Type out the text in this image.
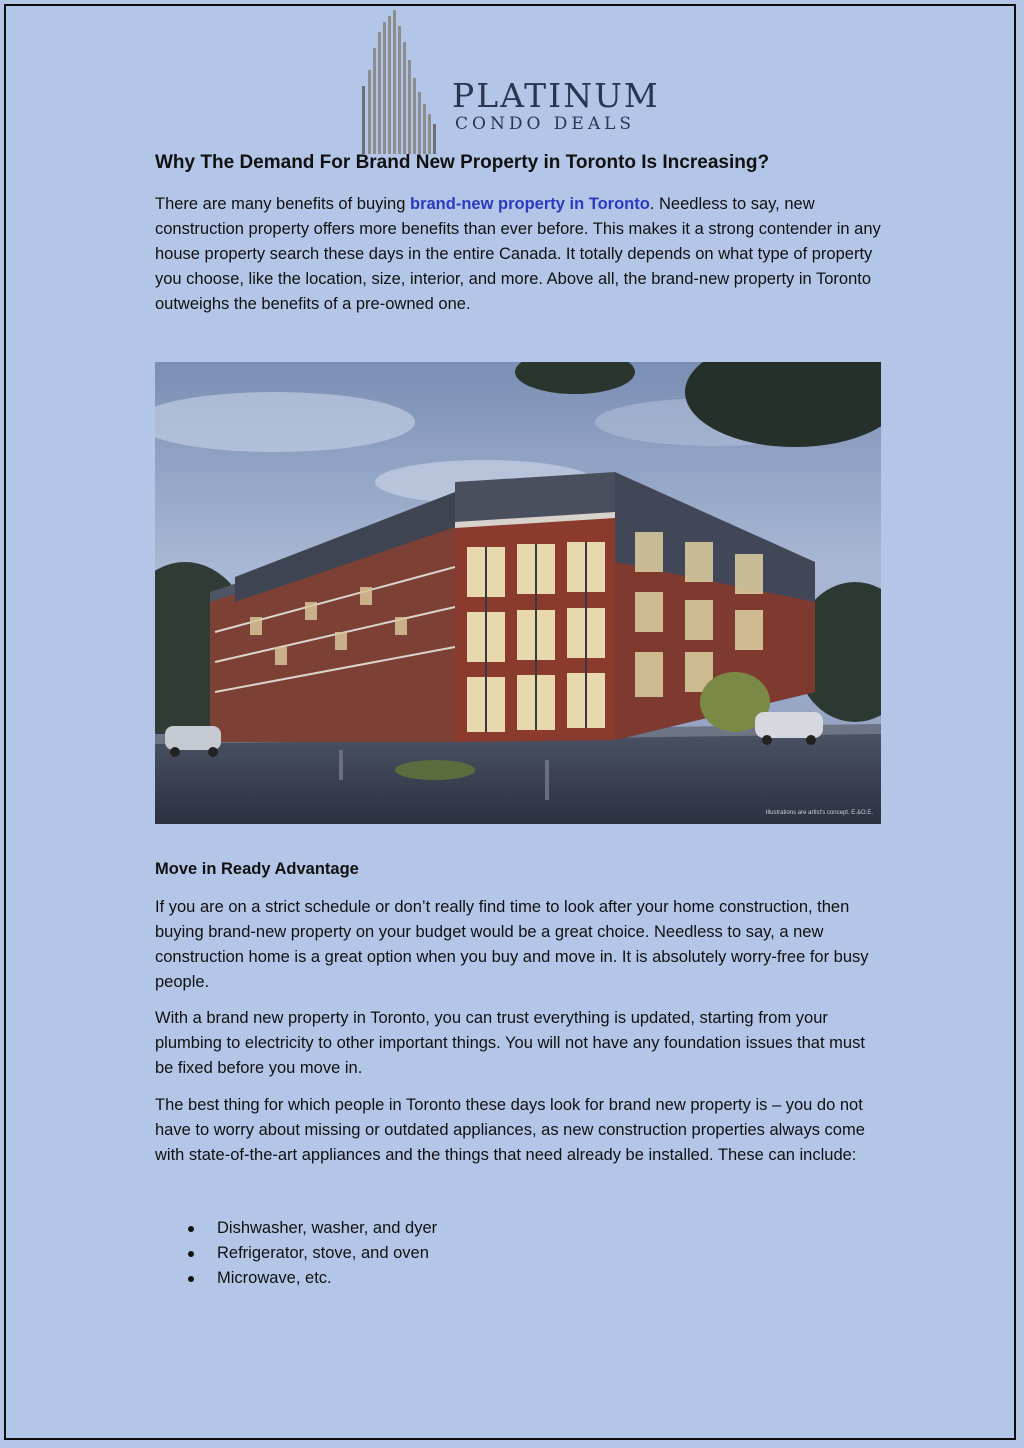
PLATINUM
CONDO DEALS
Why The Demand For Brand New Property in Toronto Is Increasing?

There are many benefits of buying brand-new property in Toronto. Needless to say, new construction property offers more benefits than ever before. This makes it a strong contender in any house property search these days in the entire Canada. It totally depends on what type of property you choose, like the location, size, interior, and more. Above all, the brand-new property in Toronto outweighs the benefits of a pre-owned one.

Illustrations are artist's concept. E.&O.E.
Move in Ready Advantage

If you are on a strict schedule or don’t really find time to look after your home construction, then buying brand-new property on your budget would be a great choice. Needless to say, a new construction home is a great option when you buy and move in. It is absolutely worry-free for busy people.

With a brand new property in Toronto, you can trust everything is updated, starting from your plumbing to electricity to other important things. You will not have any foundation issues that must be fixed before you move in.

The best thing for which people in Toronto these days look for brand new property is – you do not have to worry about missing or outdated appliances, as new construction properties always come with state-of-the-art appliances and the things that need already be installed. These can include:

Dishwasher, washer, and dyer
Refrigerator, stove, and oven
Microwave, etc.
